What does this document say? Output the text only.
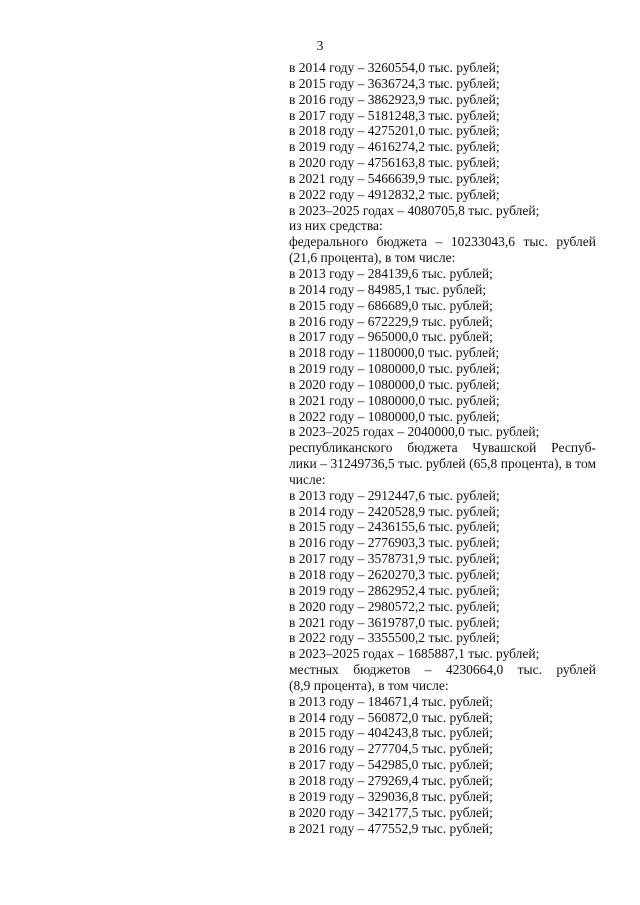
3
в 2014 году – 3260554,0 тыс. рублей;
в 2015 году – 3636724,3 тыс. рублей;
в 2016 году – 3862923,9 тыс. рублей;
в 2017 году – 5181248,3 тыс. рублей;
в 2018 году – 4275201,0 тыс. рублей;
в 2019 году – 4616274,2 тыс. рублей;
в 2020 году – 4756163,8 тыс. рублей;
в 2021 году – 5466639,9 тыс. рублей;
в 2022 году – 4912832,2 тыс. рублей;
в 2023–2025 годах – 4080705,8 тыс. рублей;
из них средства:
федерального бюджета – 10233043,6 тыс. рублей
(21,6 процента), в том числе:
в 2013 году – 284139,6 тыс. рублей;
в 2014 году – 84985,1 тыс. рублей;
в 2015 году – 686689,0 тыс. рублей;
в 2016 году – 672229,9 тыс. рублей;
в 2017 году – 965000,0 тыс. рублей;
в 2018 году – 1180000,0 тыс. рублей;
в 2019 году – 1080000,0 тыс. рублей;
в 2020 году – 1080000,0 тыс. рублей;
в 2021 году – 1080000,0 тыс. рублей;
в 2022 году – 1080000,0 тыс. рублей;
в 2023–2025 годах – 2040000,0 тыс. рублей;
республиканского бюджета Чувашской Респуб-
лики – 31249736,5 тыс. рублей (65,8 процента), в том
числе:
в 2013 году – 2912447,6 тыс. рублей;
в 2014 году – 2420528,9 тыс. рублей;
в 2015 году – 2436155,6 тыс. рублей;
в 2016 году – 2776903,3 тыс. рублей;
в 2017 году – 3578731,9 тыс. рублей;
в 2018 году – 2620270,3 тыс. рублей;
в 2019 году – 2862952,4 тыс. рублей;
в 2020 году – 2980572,2 тыс. рублей;
в 2021 году – 3619787,0 тыс. рублей;
в 2022 году – 3355500,2 тыс. рублей;
в 2023–2025 годах – 1685887,1 тыс. рублей;
местных бюджетов – 4230664,0 тыс. рублей
(8,9 процента), в том числе:
в 2013 году – 184671,4 тыс. рублей;
в 2014 году – 560872,0 тыс. рублей;
в 2015 году – 404243,8 тыс. рублей;
в 2016 году – 277704,5 тыс. рублей;
в 2017 году – 542985,0 тыс. рублей;
в 2018 году – 279269,4 тыс. рублей;
в 2019 году – 329036,8 тыс. рублей;
в 2020 году – 342177,5 тыс. рублей;
в 2021 году – 477552,9 тыс. рублей;
